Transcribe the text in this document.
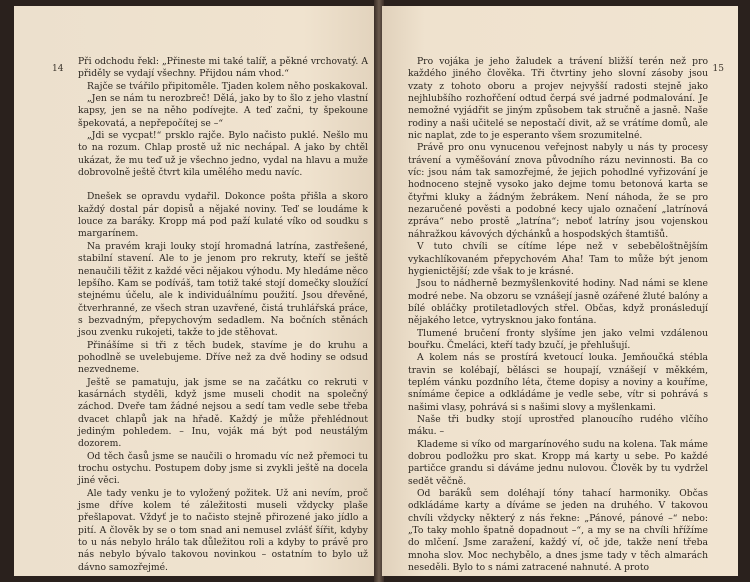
14

Při odchodu řekl: „Přineste mi také talíř, a pěkné vrchovatý. A přiděly se vydají všechny. Přijdou nám vhod.“

Rajče se tvářilo připitoměle. Tjaden kolem něho poskakoval.

„Jen se nám tu nerozbreč! Dělá, jako by to šlo z jeho vlastní kapsy, jen se na něho podívejte. A teď začni, ty špekoune špekovatá, a nepřepočítej se –“

„Jdi se vycpat!“ prsklo rajče. Bylo načisto puklé. Nešlo mu to na rozum. Chlap prostě už nic nechápal. A jako by chtěl ukázat, že mu teď už je všechno jedno, vydal na hlavu a muže dobrovolně ještě čtvrt kila umělého medu navíc.

Dnešek se opravdu vydařil. Dokonce pošta přišla a skoro každý dostal pár dopisů a nějaké noviny. Teď se loudáme k louce za baráky. Kropp má pod paží kulaté víko od soudku s margarínem.

Na pravém kraji louky stojí hromadná latrína, zastřešené, stabilní stavení. Ale to je jenom pro rekruty, kteří se ještě nenaučili těžit z každé věci nějakou výhodu. My hledáme něco lepšího. Kam se podíváš, tam totiž také stojí domečky sloužící stejnému účelu, ale k individuálnímu použití. Jsou dřevěné, čtverhranné, ze všech stran uzavřené, čistá truhlářská práce, s bezvadným, přepychovým sedadlem. Na bočních stěnách jsou zvenku rukojeti, takže to jde stěhovat.

Přinášíme si tři z těch budek, stavíme je do kruhu a pohodlně se uvelebujeme. Dříve než za dvě hodiny se odsud nezvedneme.

Ještě se pamatuju, jak jsme se na začátku co rekruti v kasárnách styděli, když jsme museli chodit na společný záchod. Dveře tam žádné nejsou a sedí tam vedle sebe třeba dvacet chlapů jak na hřadě. Každý je může přehlédnout jediným pohledem. – Inu, voják má být pod neustálým dozorem.

Od těch časů jsme se naučili o hromadu víc než přemoci tu trochu ostychu. Postupem doby jsme si zvykli ještě na docela jiné věci.

Ale tady venku je to vyložený požitek. Už ani nevím, proč jsme dříve kolem té záležitosti museli vždycky plaše přešlapovat. Vždyť je to načisto stejně přirozené jako jídlo a pití. A člověk by se o tom snad ani nemusel zvlášť šířit, kdyby to u nás nebylo hrálo tak důležitou roli a kdyby to právě pro nás nebylo bývalo takovou novinkou – ostatním to bylo už dávno samozřejmé.

15

Pro vojáka je jeho žaludek a trávení bližší terén než pro každého jiného člověka. Tři čtvrtiny jeho slovní zásoby jsou vzaty z tohoto oboru a projev nejvyšší radosti stejně jako nejhlubšího rozhořčení odtud čerpá své jadrné podmalování. Je nemožné vyjádřit se jiným způsobem tak stručně a jasně. Naše rodiny a naši učitelé se nepostačí divit, až se vrátíme domů, ale nic naplat, zde to je esperanto všem srozumitelné.

Právě pro onu vynucenou veřejnost nabyly u nás ty procesy trávení a vyměšování znova původního rázu nevinnosti. Ba co víc: jsou nám tak samozřejmé, že jejich pohodlné vyřizování je hodnoceno stejně vysoko jako dejme tomu betonová karta se čtyřmi kluky a žádným žebrákem. Není náhoda, že se pro nezaručené pověsti a podobné kecy ujalo označení „latrínová zpráva“ nebo prostě „latrína“; neboť latríny jsou vojenskou náhražkou kávových dýchánků a hospodských štamtišů.

V tuto chvíli se cítíme lépe než v sebeběloštnějším vykachlíkovaném přepychovém Aha! Tam to může být jenom hygienictější; zde však to je krásné.

Jsou to nádherně bezmyšlenkovité hodiny. Nad námi se klene modré nebe. Na obzoru se vznášejí jasně ozářené žluté balóny a bílé obláčky protiletadlových střel. Občas, když pronásledují nějakého letce, vytrysknou jako fontána.

Tlumené bručení fronty slyšíme jen jako velmi vzdálenou bouřku. Čmeláci, kteří tady bzučí, je přehlušují.

A kolem nás se prostírá kvetoucí louka. Jemňoučká stébla travin se kolébají, bělásci se houpají, vznášejí v měkkém, teplém vánku pozdního léta, čteme dopisy a noviny a kouříme, snímáme čepice a odkládáme je vedle sebe, vítr si pohrává s našimi vlasy, pohrává si s našimi slovy a myšlenkami.

Naše tři budky stojí uprostřed planoucího rudého vlčího máku. –

Klademe si víko od margarínového sudu na kolena. Tak máme dobrou podložku pro skat. Kropp má karty u sebe. Po každé partičce grandu si dáváme jednu nulovou. Člověk by tu vydržel sedět věčně.

Od baráků sem doléhají tóny tahací harmoniky. Občas odkládáme karty a díváme se jeden na druhého. V takovou chvíli vždycky některý z nás řekne: „Pánové, pánové –“ nebo: „To taky mohlo špatně dopadnout –“, a my se na chvíli hřížíme do mlčení. Jsme zaražení, každý ví, oč jde, takže není třeba mnoha slov. Moc nechybělo, a dnes jsme tady v těch almarách neseděli. Bylo to s námi zatracené nahnuté. A proto
